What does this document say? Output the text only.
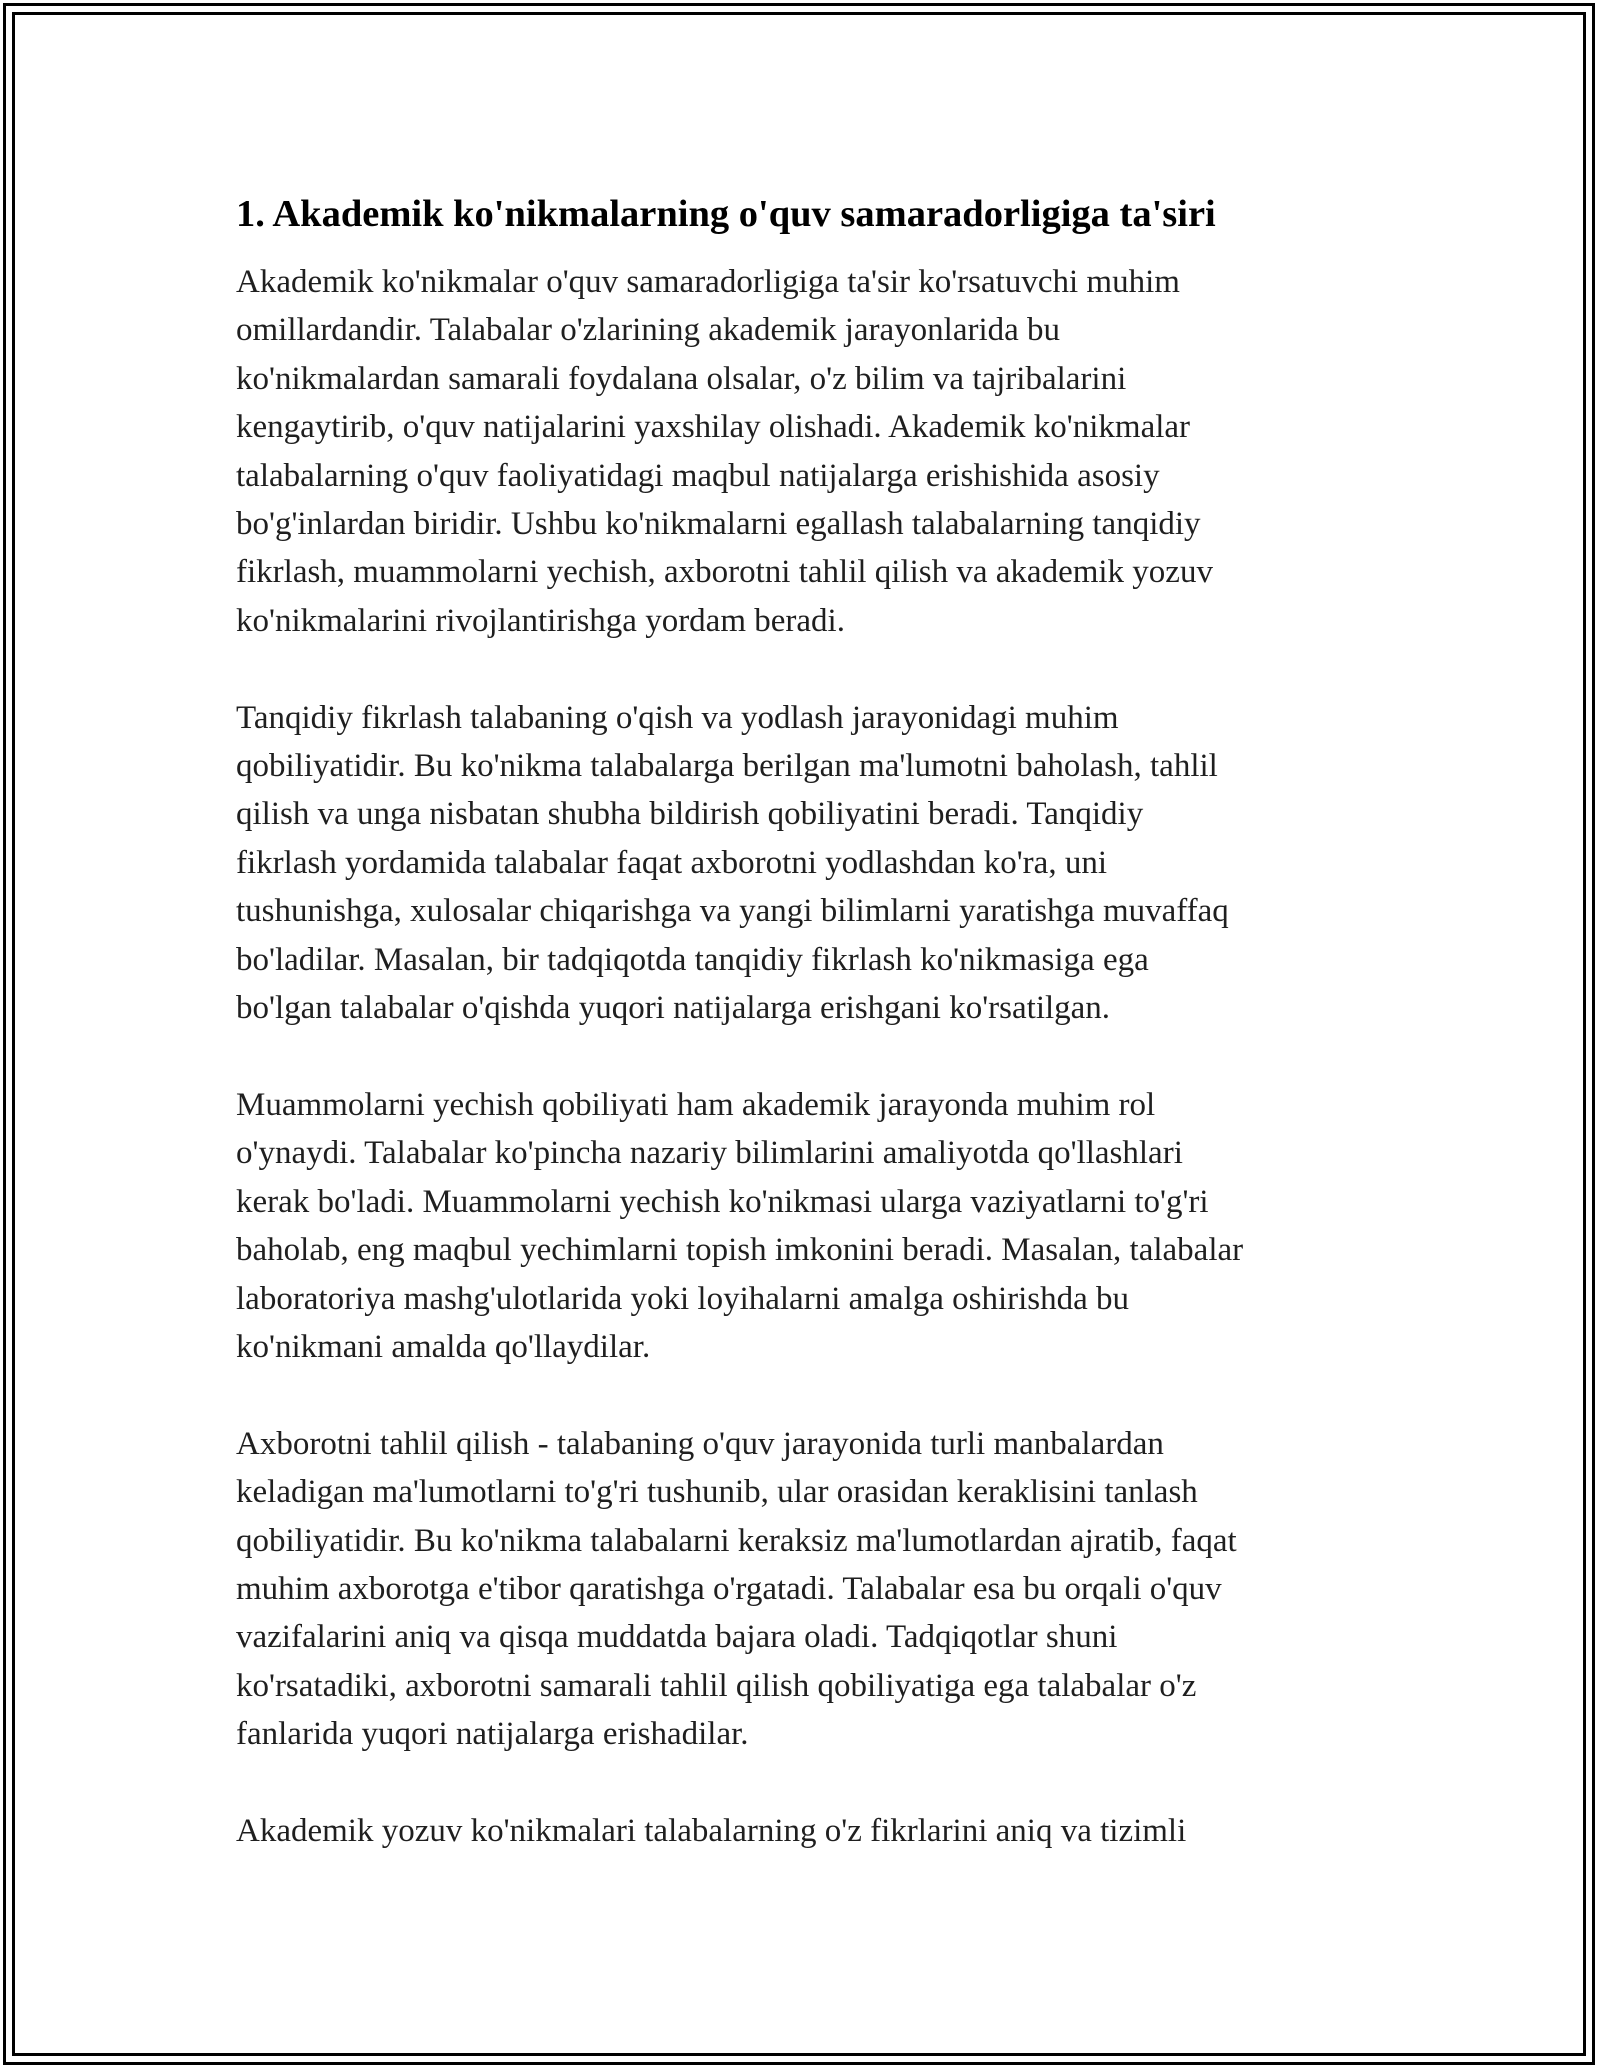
1. Akademik ko'nikmalarning o'quv samaradorligiga ta'siri
Akademik ko'nikmalar o'quv samaradorligiga ta'sir ko'rsatuvchi muhim
omillardandir. Talabalar o'zlarining akademik jarayonlarida bu
ko'nikmalardan samarali foydalana olsalar, o'z bilim va tajribalarini
kengaytirib, o'quv natijalarini yaxshilay olishadi. Akademik ko'nikmalar
talabalarning o'quv faoliyatidagi maqbul natijalarga erishishida asosiy
bo'g'inlardan biridir. Ushbu ko'nikmalarni egallash talabalarning tanqidiy
fikrlash, muammolarni yechish, axborotni tahlil qilish va akademik yozuv
ko'nikmalarini rivojlantirishga yordam beradi.
Tanqidiy fikrlash talabaning o'qish va yodlash jarayonidagi muhim
qobiliyatidir. Bu ko'nikma talabalarga berilgan ma'lumotni baholash, tahlil
qilish va unga nisbatan shubha bildirish qobiliyatini beradi. Tanqidiy
fikrlash yordamida talabalar faqat axborotni yodlashdan ko'ra, uni
tushunishga, xulosalar chiqarishga va yangi bilimlarni yaratishga muvaffaq
bo'ladilar. Masalan, bir tadqiqotda tanqidiy fikrlash ko'nikmasiga ega
bo'lgan talabalar o'qishda yuqori natijalarga erishgani ko'rsatilgan.
Muammolarni yechish qobiliyati ham akademik jarayonda muhim rol
o'ynaydi. Talabalar ko'pincha nazariy bilimlarini amaliyotda qo'llashlari
kerak bo'ladi. Muammolarni yechish ko'nikmasi ularga vaziyatlarni to'g'ri
baholab, eng maqbul yechimlarni topish imkonini beradi. Masalan, talabalar
laboratoriya mashg'ulotlarida yoki loyihalarni amalga oshirishda bu
ko'nikmani amalda qo'llaydilar.
Axborotni tahlil qilish - talabaning o'quv jarayonida turli manbalardan
keladigan ma'lumotlarni to'g'ri tushunib, ular orasidan keraklisini tanlash
qobiliyatidir. Bu ko'nikma talabalarni keraksiz ma'lumotlardan ajratib, faqat
muhim axborotga e'tibor qaratishga o'rgatadi. Talabalar esa bu orqali o'quv
vazifalarini aniq va qisqa muddatda bajara oladi. Tadqiqotlar shuni
ko'rsatadiki, axborotni samarali tahlil qilish qobiliyatiga ega talabalar o'z
fanlarida yuqori natijalarga erishadilar.
Akademik yozuv ko'nikmalari talabalarning o'z fikrlarini aniq va tizimli
